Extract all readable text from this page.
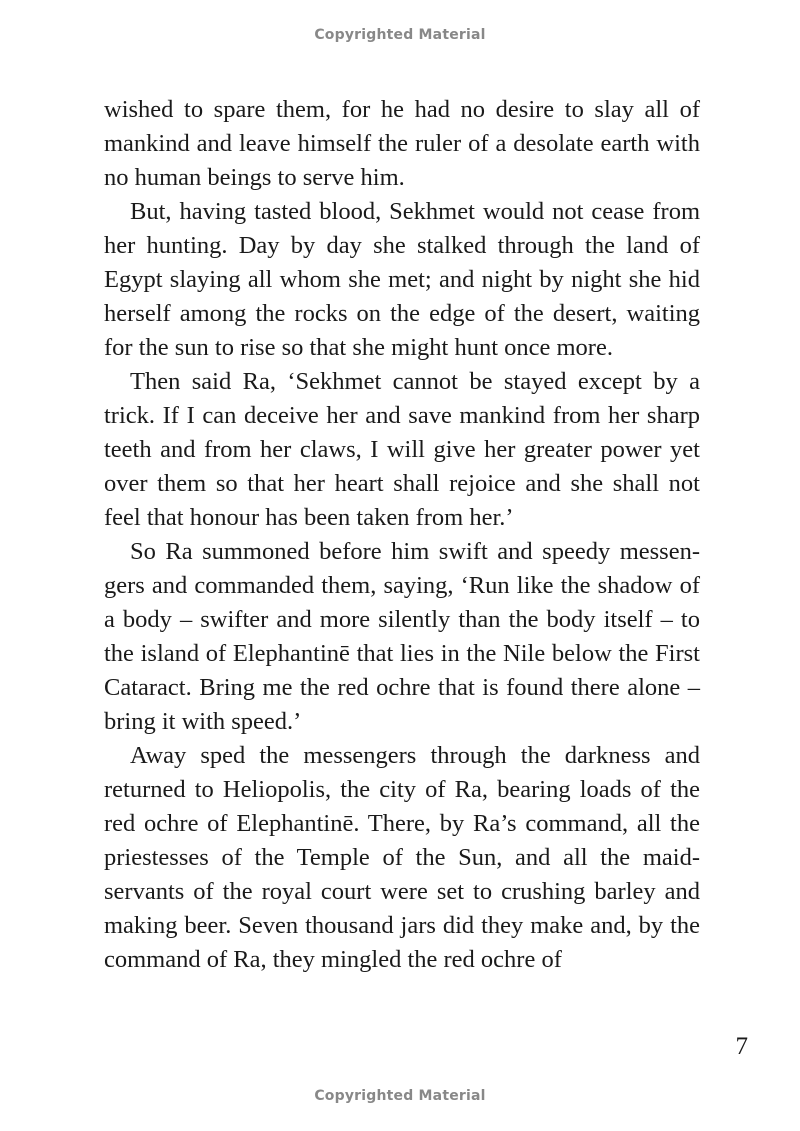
Copyrighted Material

wished to spare them, for he had no desire to slay all of mankind and leave himself the ruler of a desolate earth with no human beings to serve him.

But, having tasted blood, Sekhmet would not cease from her hunting. Day by day she stalked through the land of Egypt slaying all whom she met; and night by night she hid herself among the rocks on the edge of the desert, waiting for the sun to rise so that she might hunt once more.

Then said Ra, ‘Sekhmet cannot be stayed except by a trick. If I can deceive her and save mankind from her sharp teeth and from her claws, I will give her greater power yet over them so that her heart shall rejoice and she shall not feel that honour has been taken from her.’

So Ra summoned before him swift and speedy messengers and commanded them, saying, ‘Run like the shadow of a body – swifter and more silently than the body itself – to the island of Elephantinē that lies in the Nile below the First Cataract. Bring me the red ochre that is found there alone – bring it with speed.’

Away sped the messengers through the darkness and returned to Heliopolis, the city of Ra, bearing loads of the red ochre of Elephantinē. There, by Ra’s command, all the priestesses of the Temple of the Sun, and all the maidservants of the royal court were set to crushing barley and making beer. Seven thousand jars did they make and, by the command of Ra, they mingled the red ochre of

7
Copyrighted Material
